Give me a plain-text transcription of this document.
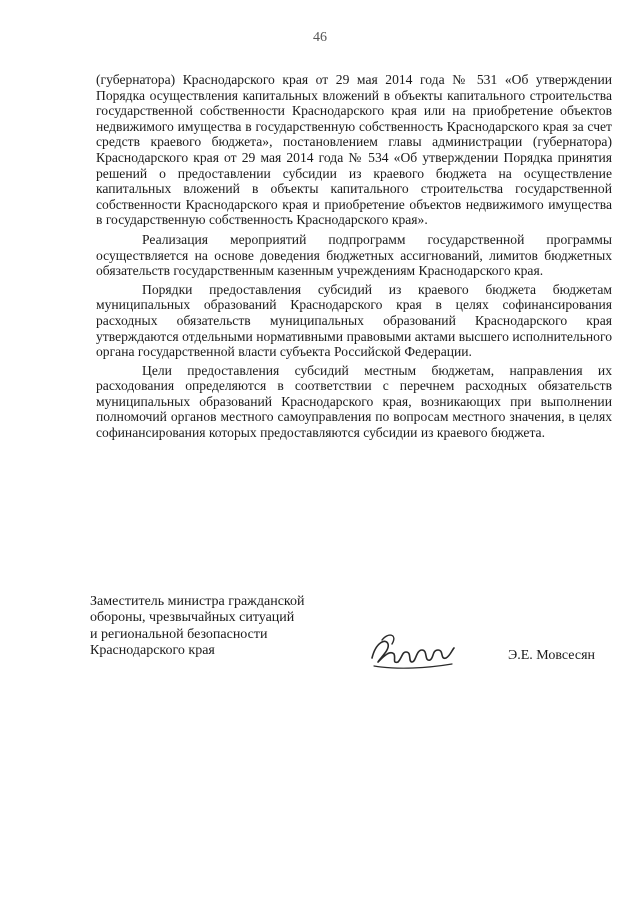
46

(губернатора) Краснодарского края от 29 мая 2014 года № 531 «Об утверждении Порядка осуществления капитальных вложений в объекты капитального строительства государственной собственности Краснодарского края или на приобретение объектов недвижимого имущества в государственную собственность Краснодарского края за счет средств краевого бюджета», постановлением главы администрации (губернатора) Краснодарского края от 29 мая 2014 года № 534 «Об утверждении Порядка принятия решений о предоставлении субсидии из краевого бюджета на осуществление капитальных вложений в объекты капитального строительства государственной собственности Краснодарского края и приобретение объектов недвижимого имущества в государственную собственность Краснодарского края».

Реализация мероприятий подпрограмм государственной программы осуществляется на основе доведения бюджетных ассигнований, лимитов бюджетных обязательств государственным казенным учреждениям Краснодарского края.

Порядки предоставления субсидий из краевого бюджета бюджетам муниципальных образований Краснодарского края в целях софинансирования расходных обязательств муниципальных образований Краснодарского края утверждаются отдельными нормативными правовыми актами высшего исполнительного органа государственной власти субъекта Российской Федерации.

Цели предоставления субсидий местным бюджетам, направления их расходования определяются в соответствии с перечнем расходных обязательств муниципальных образований Краснодарского края, возникающих при выполнении полномочий органов местного самоуправления по вопросам местного значения, в целях софинансирования которых предоставляются субсидии из краевого бюджета.

Заместитель министра гражданской
обороны, чрезвычайных ситуаций
и региональной безопасности
Краснодарского края	Э.Е. Мовсесян
